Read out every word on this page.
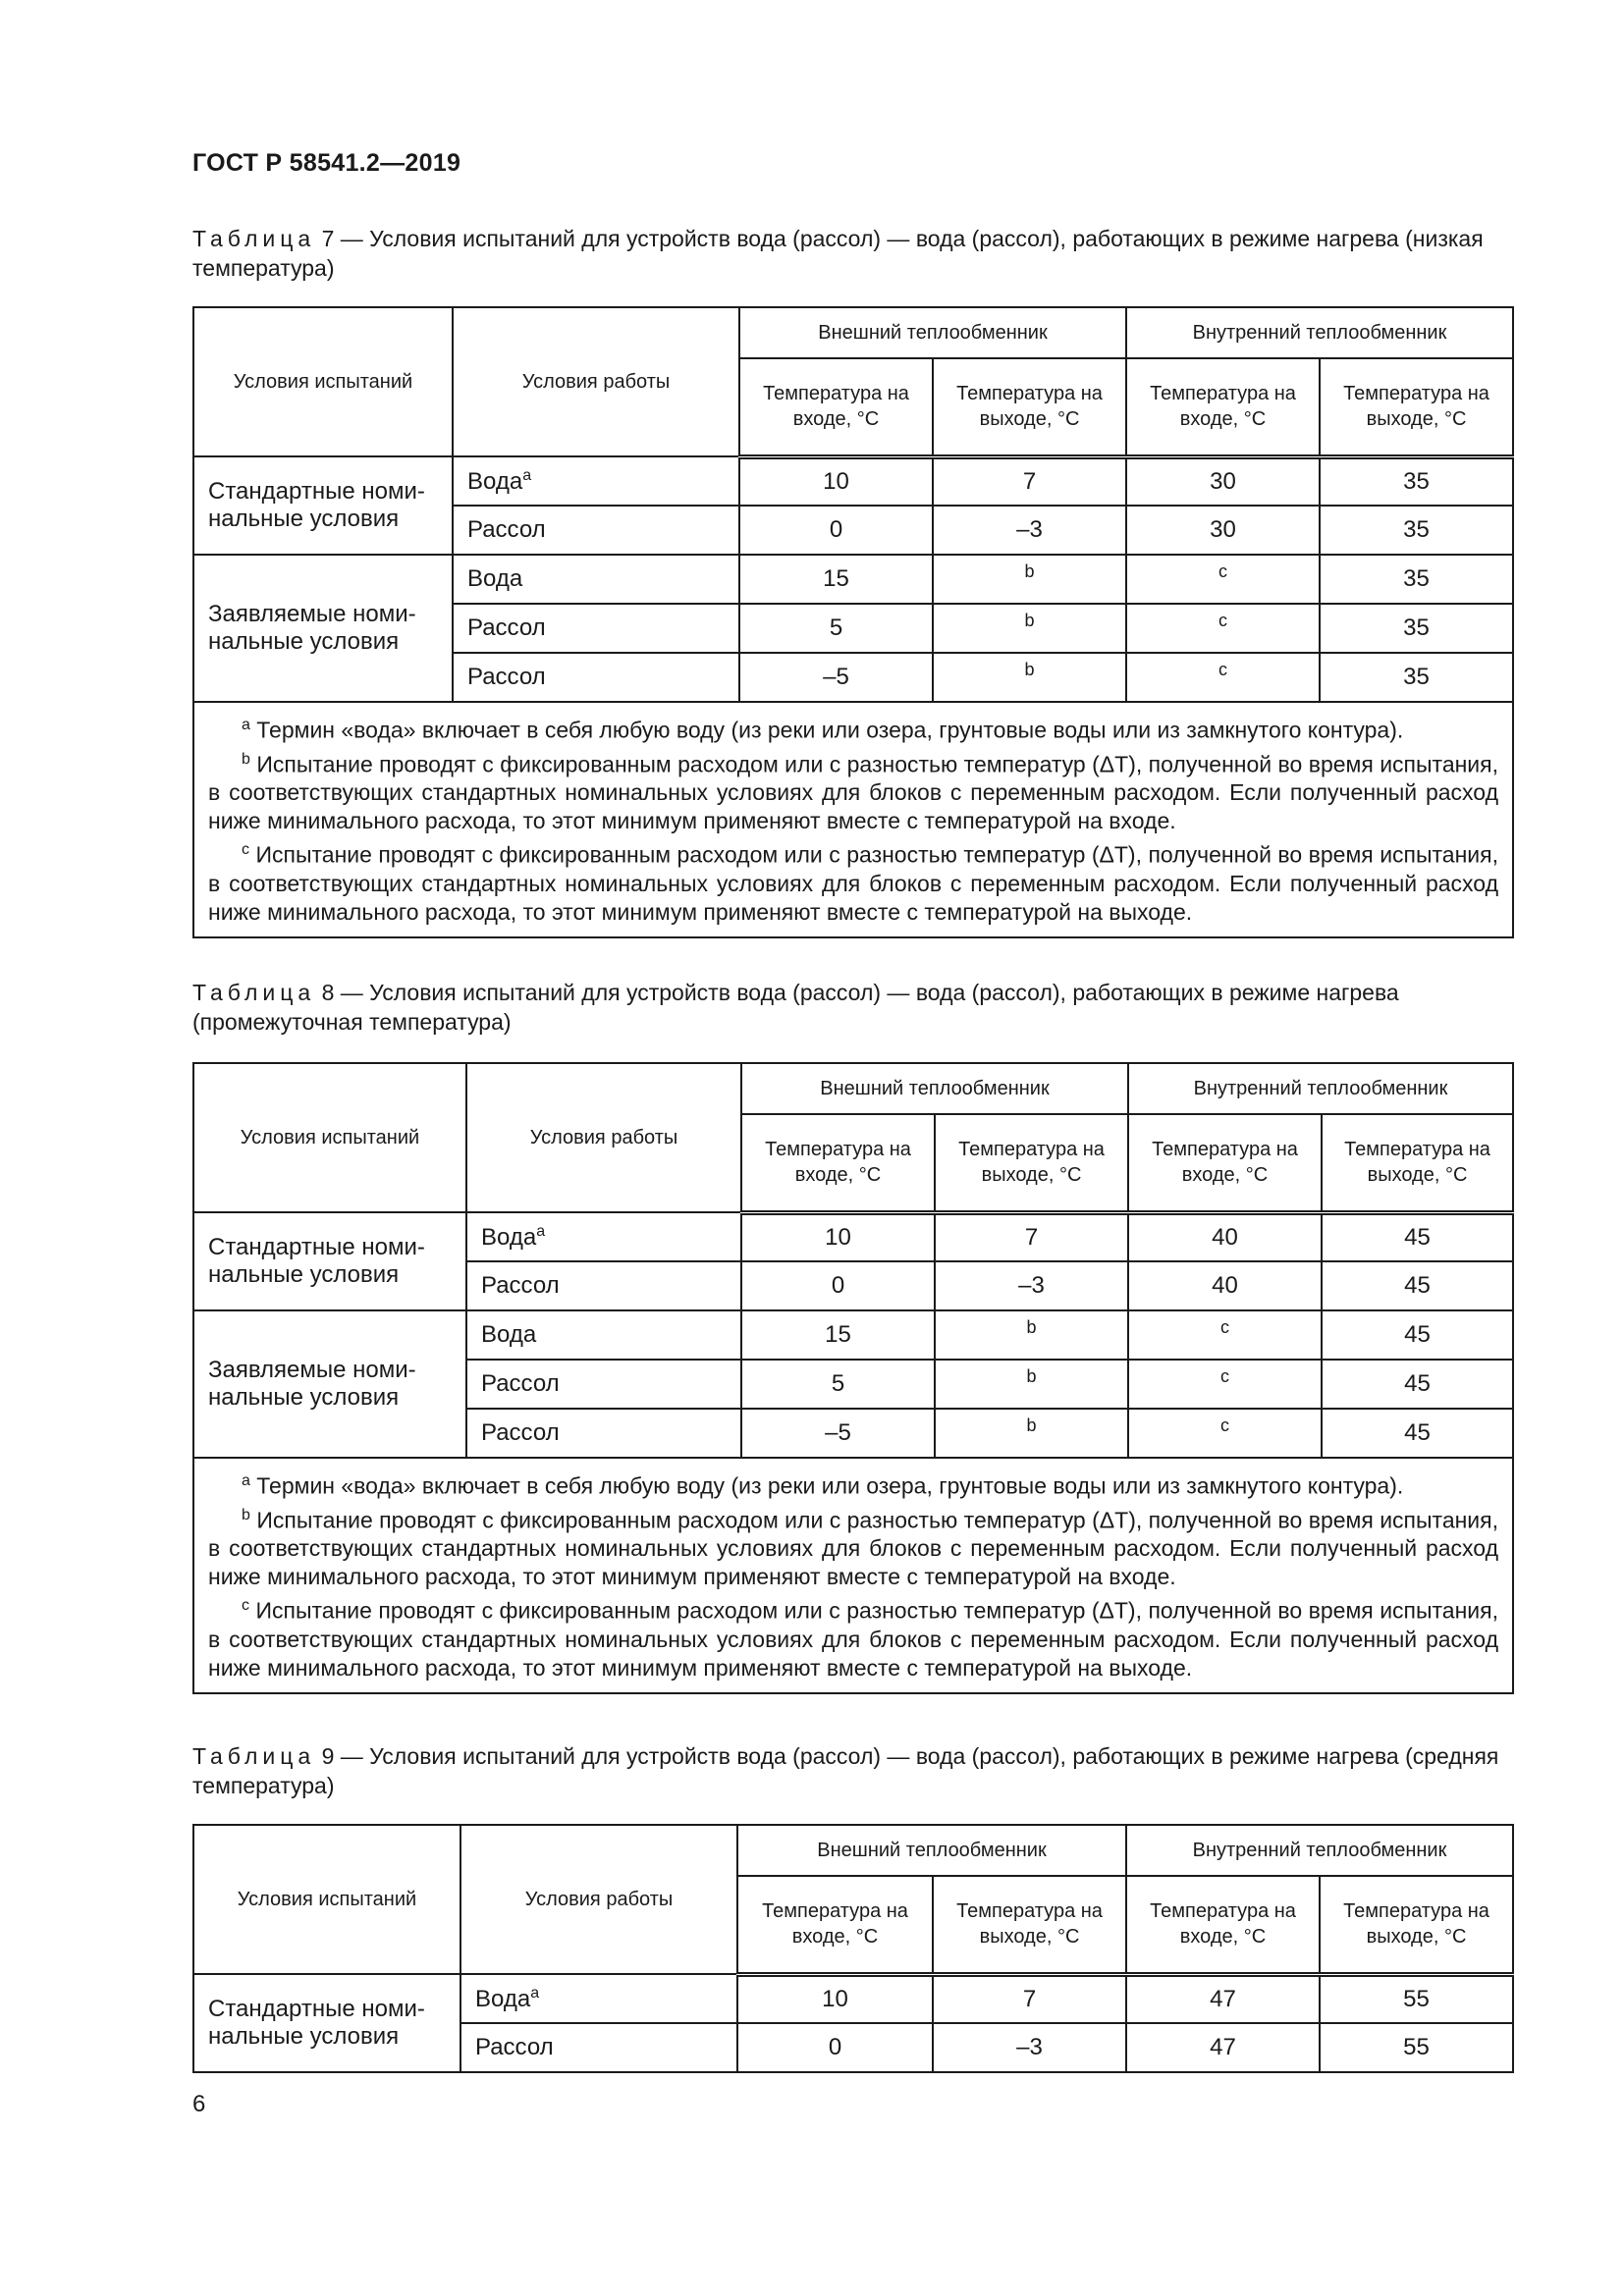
ГОСТ Р 58541.2—2019
Таблица 7 — Условия испытаний для устройств вода (рассол) — вода (рассол), работающих в режиме нагрева (низкая температура)
Условия испытаний	Условия работы	Внешний теплообменник		Внутренний теплообменник	
		Температура на входе, °С	Температура на выходе, °С	Температура на входе, °С	Температура на выходе, °С
Стандартные номи-нальные условия	Вода$^a$	10	7	30	35
	Рассол	0	–3	30	35
Заявляемые номи-нальные условия	Вода	15	b	c	35
	Рассол	5	b	c	35
	Рассол	–5	b	c	35

$^a$ Термин «вода» включает в себя любую воду (из реки или озера, грунтовые воды или из замкнутого контура).

$^b$ Испытание проводят с фиксированным расходом или с разностью температур (ΔT), полученной во время испытания, в соответствующих стандартных номинальных условиях для блоков с переменным расходом. Если полученный расход ниже минимального расхода, то этот минимум применяют вместе с температурой на входе.

$^c$ Испытание проводят с фиксированным расходом или с разностью температур (ΔT), полученной во время испытания, в соответствующих стандартных номинальных условиях для блоков с переменным расходом. Если полученный расход ниже минимального расхода, то этот минимум применяют вместе с температурой на выходе.					

Таблица 8 — Условия испытаний для устройств вода (рассол) — вода (рассол), работающих в режиме нагрева (промежуточная температура)
Условия испытаний	Условия работы	Внешний теплообменник		Внутренний теплообменник	
		Температура на входе, °С	Температура на выходе, °С	Температура на входе, °С	Температура на выходе, °С
Стандартные номи-нальные условия	Вода$^a$	10	7	40	45
	Рассол	0	–3	40	45
Заявляемые номи-нальные условия	Вода	15	b	c	45
	Рассол	5	b	c	45
	Рассол	–5	b	c	45

$^a$ Термин «вода» включает в себя любую воду (из реки или озера, грунтовые воды или из замкнутого контура).

$^b$ Испытание проводят с фиксированным расходом или с разностью температур (ΔT), полученной во время испытания, в соответствующих стандартных номинальных условиях для блоков с переменным расходом. Если полученный расход ниже минимального расхода, то этот минимум применяют вместе с температурой на входе.

$^c$ Испытание проводят с фиксированным расходом или с разностью температур (ΔT), полученной во время испытания, в соответствующих стандартных номинальных условиях для блоков с переменным расходом. Если полученный расход ниже минимального расхода, то этот минимум применяют вместе с температурой на выходе.					

Таблица 9 — Условия испытаний для устройств вода (рассол) — вода (рассол), работающих в режиме нагрева (средняя температура)
Условия испытаний	Условия работы	Внешний теплообменник		Внутренний теплообменник	
		Температура на входе, °С	Температура на выходе, °С	Температура на входе, °С	Температура на выходе, °С
Стандартные номи-нальные условия	Вода$^a$	10	7	47	55
	Рассол	0	–3	47	55
6
